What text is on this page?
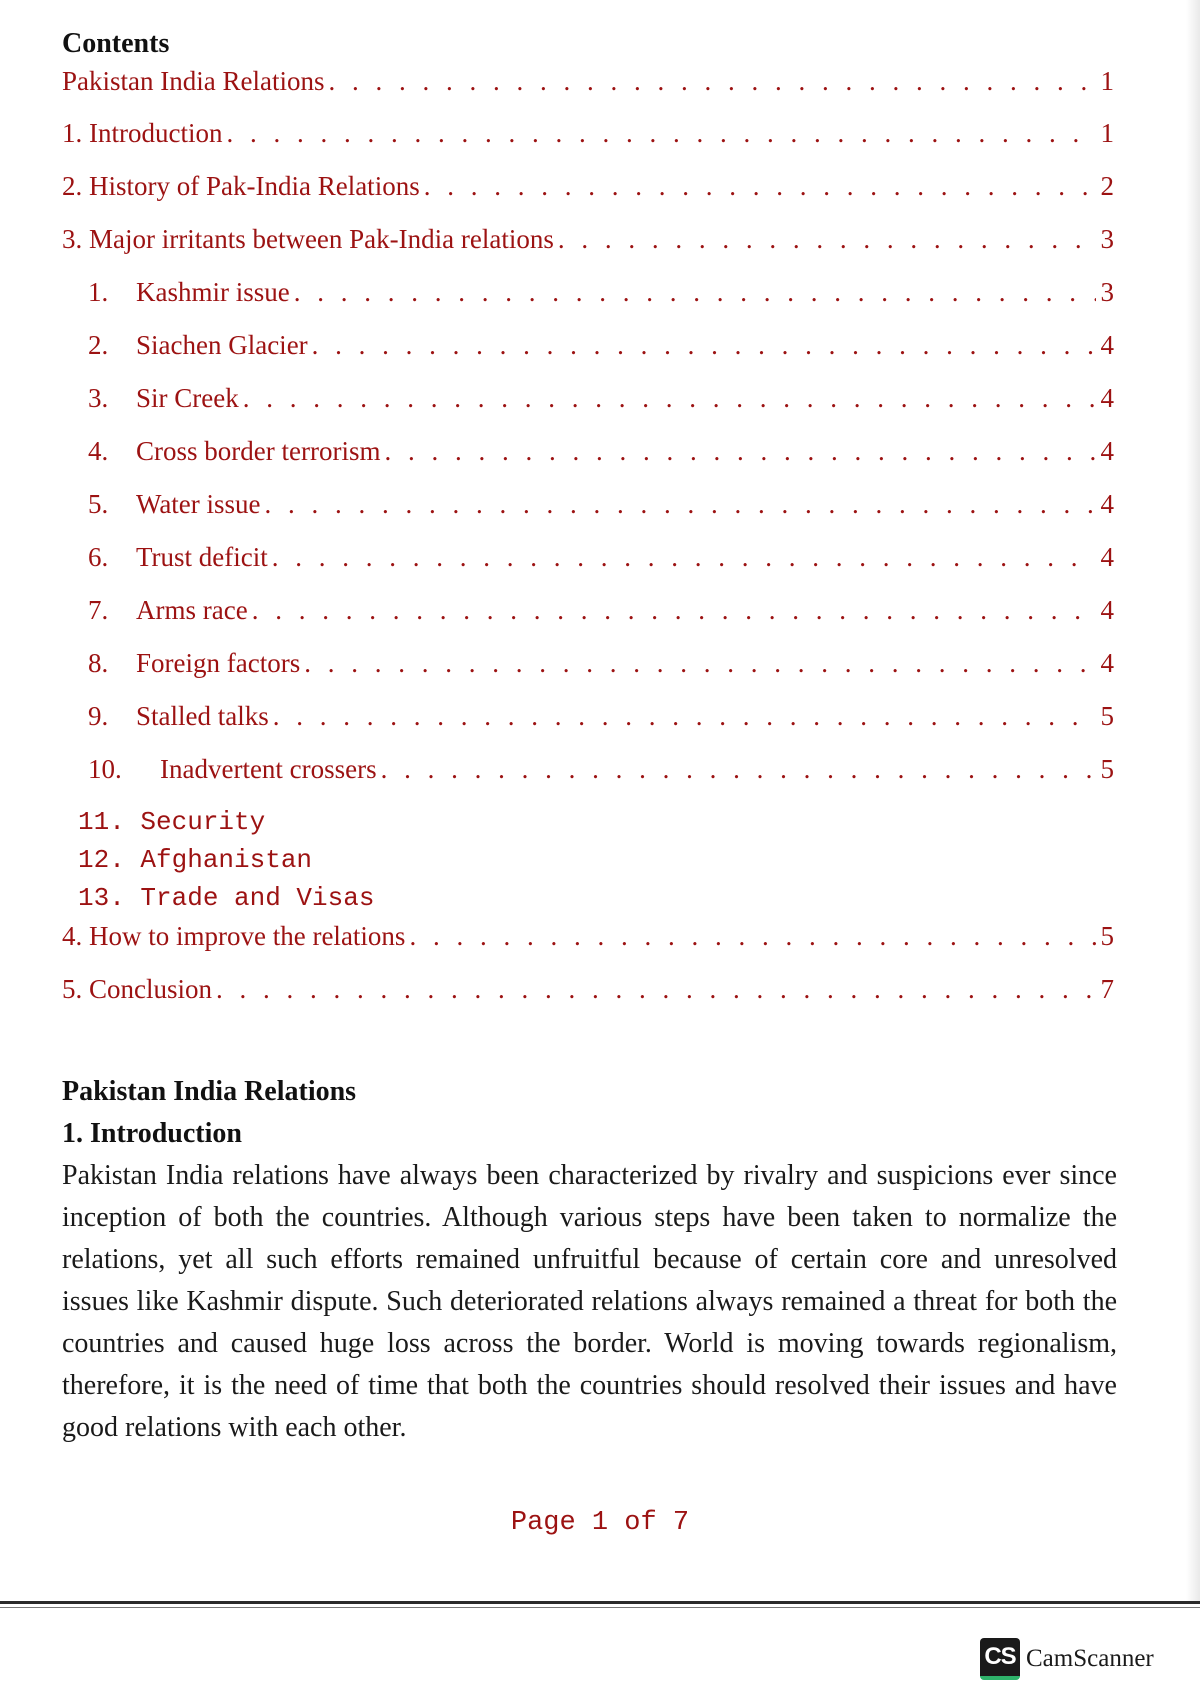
Contents
Pakistan India Relations . . .	1
1. Introduction . . .	1
2. History of Pak-India Relations . . .	2
3. Major irritants between Pak-India relations . . .	3
1.	Kashmir issue . . .	3
2.	Siachen Glacier . . .	4
3.	Sir Creek . . .	4
4.	Cross border terrorism . . .	4
5.	Water issue . . .	4
6.	Trust deficit . . .	4
7.	Arms race . . .	4
8.	Foreign factors . . .	4
9.	Stalled talks . . .	5
10.	Inadvertent crossers . . .	5
11. Security
12. Afghanistan
13. Trade and Visas
4. How to improve the relations . . .	5
5. Conclusion . . .	7
Pakistan India Relations
1. Introduction

Pakistan India relations have always been characterized by rivalry and suspicions ever since inception of both the countries. Although various steps have been taken to normalize the relations, yet all such efforts remained unfruitful because of certain core and unresolved issues like Kashmir dispute. Such deteriorated relations always remained a threat for both the countries and caused huge loss across the border. World is moving towards regionalism, therefore, it is the need of time that both the countries should resolved their issues and have good relations with each other.

Page 1 of 7
CS CamScanner
